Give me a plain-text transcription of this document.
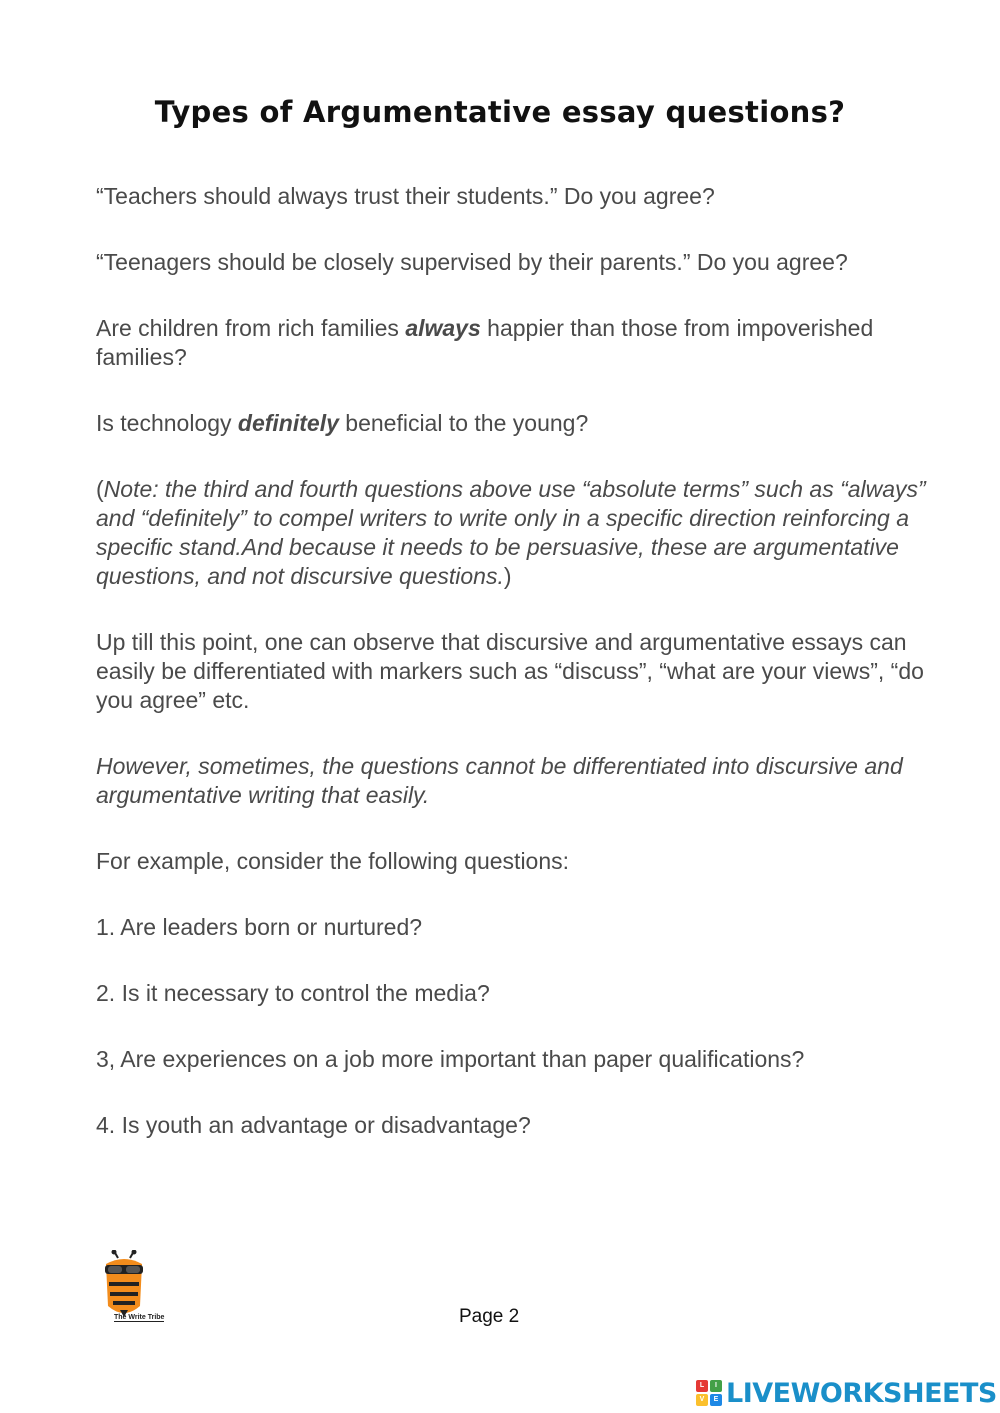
Types of Argumentative essay questions?

“Teachers should always trust their students.” Do you agree?

“Teenagers should be closely supervised by their parents.” Do you agree?

Are children from rich families always happier than those from impoverished families?

Is technology definitely beneficial to the young?

(Note: the third and fourth questions above use “absolute terms” such as “always” and “definitely” to compel writers to write only in a specific direction reinforcing a specific stand.And because it needs to be persuasive, these are argumentative questions, and not discursive questions.)

Up till this point, one can observe that discursive and argumentative essays can easily be differentiated with markers such as “discuss”, “what are your views”, “do you agree” etc.

However, sometimes, the questions cannot be differentiated into discursive and argumentative writing that easily.

For example, consider the following questions:

1. Are leaders born or nurtured?

2. Is it necessary to control the media?

3, Are experiences on a job more important than paper qualifications?

4. Is youth an advantage or disadvantage?

The Write Tribe	Page 2
L	I
V	E LIVEWORKSHEETS
